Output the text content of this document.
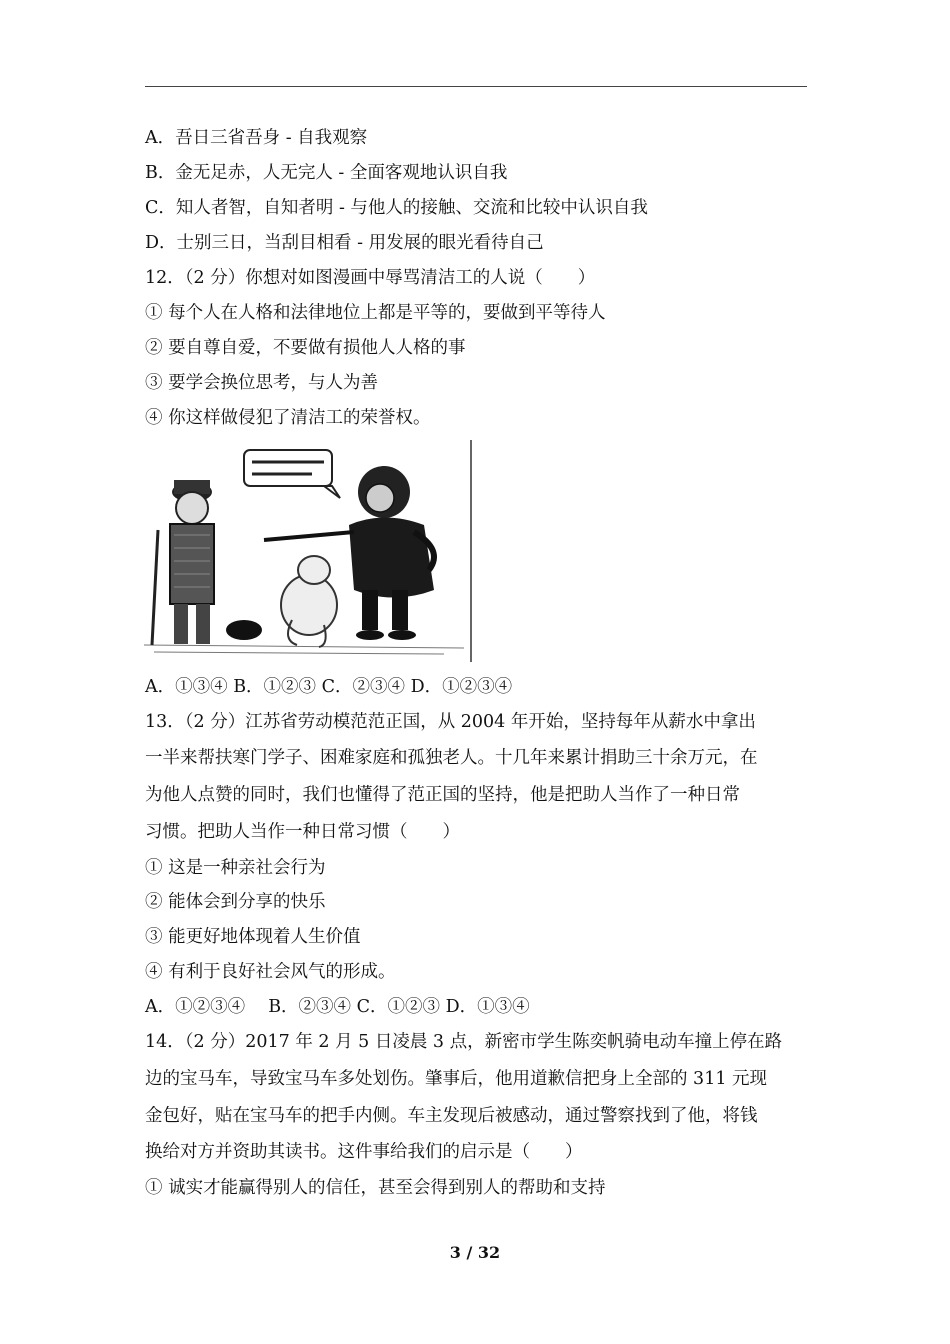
A．吾日三省吾身 - 自我观察
B．金无足赤，人无完人 - 全面客观地认识自我
C．知人者智，自知者明 - 与他人的接触、交流和比较中认识自我
D．士别三日，当刮目相看 - 用发展的眼光看待自己
12．（2 分）你想对如图漫画中辱骂清洁工的人说（　　）
① 每个人在人格和法律地位上都是平等的，要做到平等待人
② 要自尊自爱，不要做有损他人人格的事
③ 要学会换位思考，与人为善
④ 你这样做侵犯了清洁工的荣誉权。
A．①③④ B．①②③ C．②③④ D．①②③④
13．（2 分）江苏省劳动模范范正国，从 2004 年开始，坚持每年从薪水中拿出
一半来帮扶寒门学子、困难家庭和孤独老人。十几年来累计捐助三十余万元，在
为他人点赞的同时，我们也懂得了范正国的坚持，他是把助人当作了一种日常
习惯。把助人当作一种日常习惯（　　）
① 这是一种亲社会行为
② 能体会到分享的快乐
③ 能更好地体现着人生价值
④ 有利于良好社会风气的形成。
A．①②③④　 B．②③④ C．①②③ D．①③④
14．（2 分）2017 年 2 月 5 日凌晨 3 点，新密市学生陈奕帆骑电动车撞上停在路
边的宝马车，导致宝马车多处划伤。肇事后，他用道歉信把身上全部的 311 元现
金包好，贴在宝马车的把手内侧。车主发现后被感动，通过警察找到了他，将钱
换给对方并资助其读书。这件事给我们的启示是（　　）
① 诚实才能赢得别人的信任，甚至会得到别人的帮助和支持
3 / 32
